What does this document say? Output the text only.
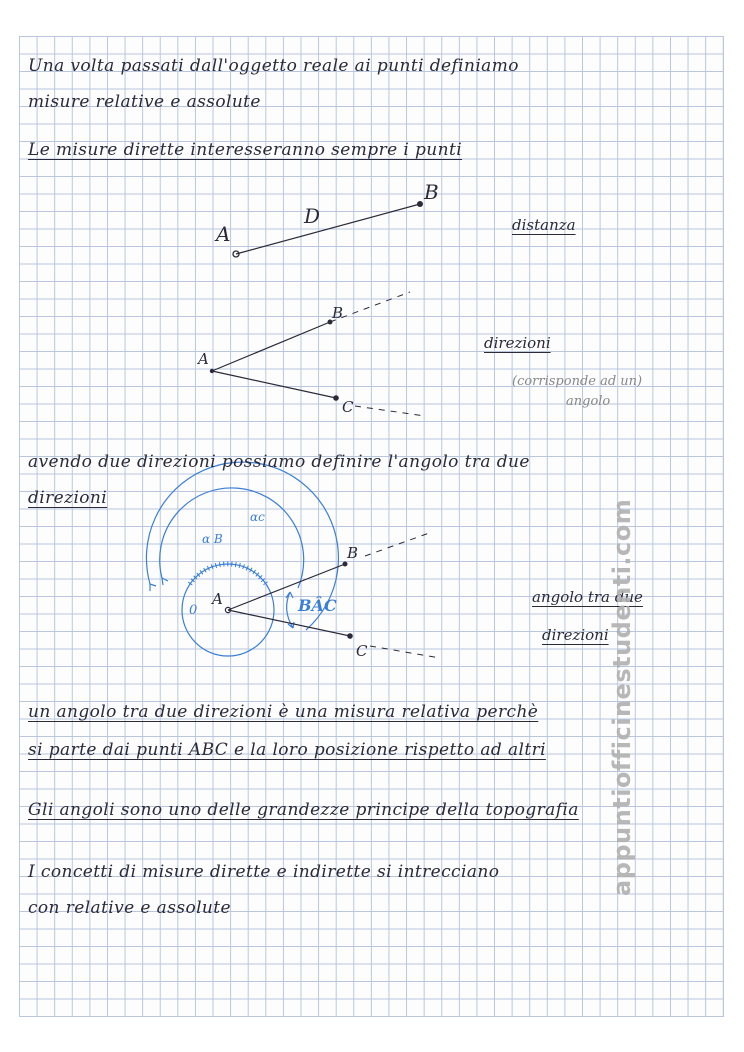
Una volta passati dall'oggetto reale ai punti definiamo
misure relative e assolute
Le misure dirette interesseranno sempre i punti
A
B
D	distanza
A
B
C
direzioni
(corrisponde ad un)
angolo
avendo due direzioni possiamo definire l'angolo tra due
direzioni
A
B
C
0
αc
α B
BÂC	angolo tra due
direzioni
un angolo tra due direzioni è una misura relativa perchè
si parte dai punti ABC e la loro posizione rispetto ad altri
Gli angoli sono uno delle grandezze principe della topografia
I concetti di misure dirette e indirette si intrecciano
con relative e assolute
appuntiofficinestudenti.com
